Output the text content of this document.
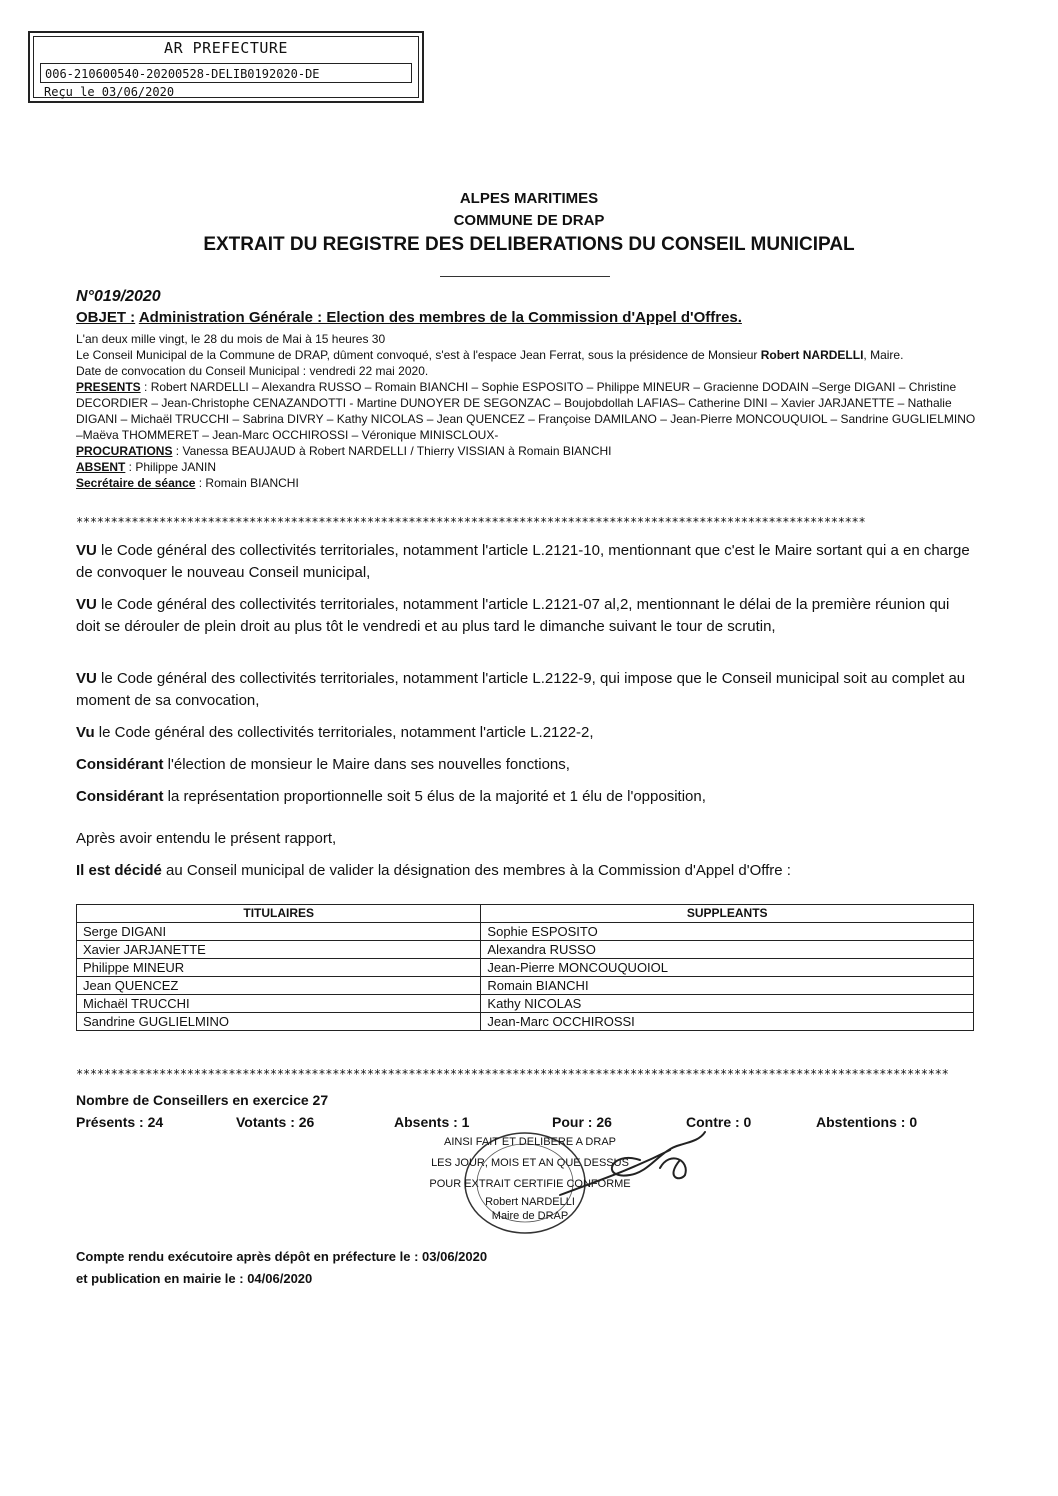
AR PREFECTURE
006-210600540-20200528-DELIB0192020-DE
Reçu le 03/06/2020
ALPES MARITIMES
COMMUNE DE DRAP
EXTRAIT DU REGISTRE DES DELIBERATIONS DU CONSEIL MUNICIPAL
N°019/2020
OBJET : Administration Générale : Election des membres de la Commission d'Appel d'Offres.
L'an deux mille vingt, le 28 du mois de Mai à 15 heures 30
Le Conseil Municipal de la Commune de DRAP, dûment convoqué, s'est à l'espace Jean Ferrat, sous la présidence de Monsieur Robert NARDELLI, Maire.
Date de convocation du Conseil Municipal : vendredi 22 mai 2020.
PRESENTS : Robert NARDELLI – Alexandra RUSSO – Romain BIANCHI – Sophie ESPOSITO – Philippe MINEUR – Gracienne DODAIN –Serge DIGANI – Christine DECORDIER – Jean-Christophe CENAZANDOTTI - Martine DUNOYER DE SEGONZAC – Boujobdollah LAFIAS– Catherine DINI – Xavier JARJANETTE – Nathalie DIGANI – Michaël TRUCCHI – Sabrina DIVRY – Kathy NICOLAS – Jean QUENCEZ – Françoise DAMILANO – Jean-Pierre MONCOUQUIOL – Sandrine GUGLIELMINO –Maëva THOMMERET – Jean-Marc OCCHIROSSI – Véronique MINISCLOUX-
PROCURATIONS : Vanessa BEAUJAUD à Robert NARDELLI / Thierry VISSIAN à Romain BIANCHI
ABSENT : Philippe JANIN
Secrétaire de séance : Romain BIANCHI
******************************************************************************************************************
VU le Code général des collectivités territoriales, notamment l'article L.2121-10, mentionnant que c'est le Maire sortant qui a en charge de convoquer le nouveau Conseil municipal,
VU le Code général des collectivités territoriales, notamment l'article L.2121-07 al,2, mentionnant le délai de la première réunion qui doit se dérouler de plein droit au plus tôt le vendredi et au plus tard le dimanche suivant le tour de scrutin,
VU le Code général des collectivités territoriales, notamment l'article L.2122-9, qui impose que le Conseil municipal soit au complet au moment de sa convocation,
Vu le Code général des collectivités territoriales, notamment l'article L.2122-2,
Considérant l'élection de monsieur le Maire dans ses nouvelles fonctions,
Considérant la représentation proportionnelle soit 5 élus de la majorité et 1 élu de l'opposition,
Après avoir entendu le présent rapport,
Il est décidé au Conseil municipal de valider la désignation des membres à la Commission d'Appel d'Offre :
TITULAIRES	SUPPLEANTS
Serge DIGANI	Sophie ESPOSITO
Xavier JARJANETTE	Alexandra RUSSO
Philippe MINEUR	Jean-Pierre MONCOUQUOIOL
Jean QUENCEZ	Romain BIANCHI
Michaël TRUCCHI	Kathy NICOLAS
Sandrine GUGLIELMINO	Jean-Marc OCCHIROSSI
******************************************************************************************************************************
Nombre de Conseillers en exercice 27
Présents : 24	Votants : 26	Absents : 1	Pour : 26	Contre : 0	Abstentions : 0
AINSI FAIT ET DELIBERE A DRAP
LES JOUR, MOIS ET AN QUE DESSUS
POUR EXTRAIT CERTIFIE CONFORME
Robert NARDELLI
Maire de DRAP
Compte rendu exécutoire après dépôt en préfecture le : 03/06/2020
et publication en mairie le : 04/06/2020
